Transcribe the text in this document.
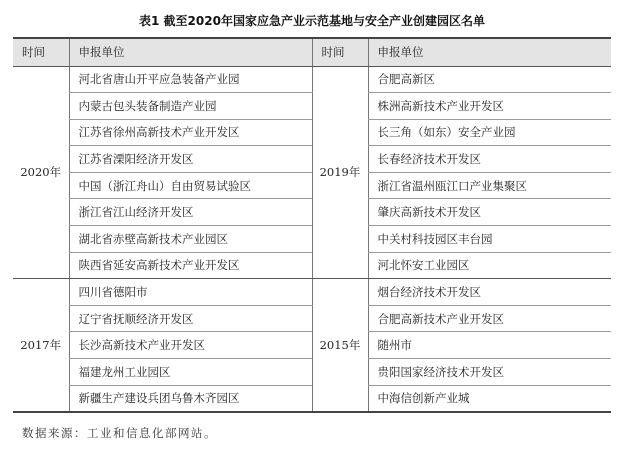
表1 截至2020年国家应急产业示范基地与安全产业创建园区名单
时间	申报单位	时间	申报单位
2020年	河北省唐山开平应急装备产业园	2019年	合肥高新区
	内蒙古包头装备制造产业园		株洲高新技术产业开发区
	江苏省徐州高新技术产业开发区		长三角（如东）安全产业园
	江苏省溧阳经济开发区		长春经济技术开发区
	中国（浙江舟山）自由贸易试验区		浙江省温州瓯江口产业集聚区
	浙江省江山经济开发区		肇庆高新技术开发区
	湖北省赤壁高新技术产业园区		中关村科技园区丰台园
	陕西省延安高新技术产业开发区		河北怀安工业园区
2017年	四川省德阳市	2015年	烟台经济技术开发区
	辽宁省抚顺经济开发区		合肥高新技术产业开发区
	长沙高新技术产业开发区		随州市
	福建龙州工业园区		贵阳国家经济技术开发区
	新疆生产建设兵团乌鲁木齐园区		中海信创新产业城
数据来源：工业和信息化部网站。
